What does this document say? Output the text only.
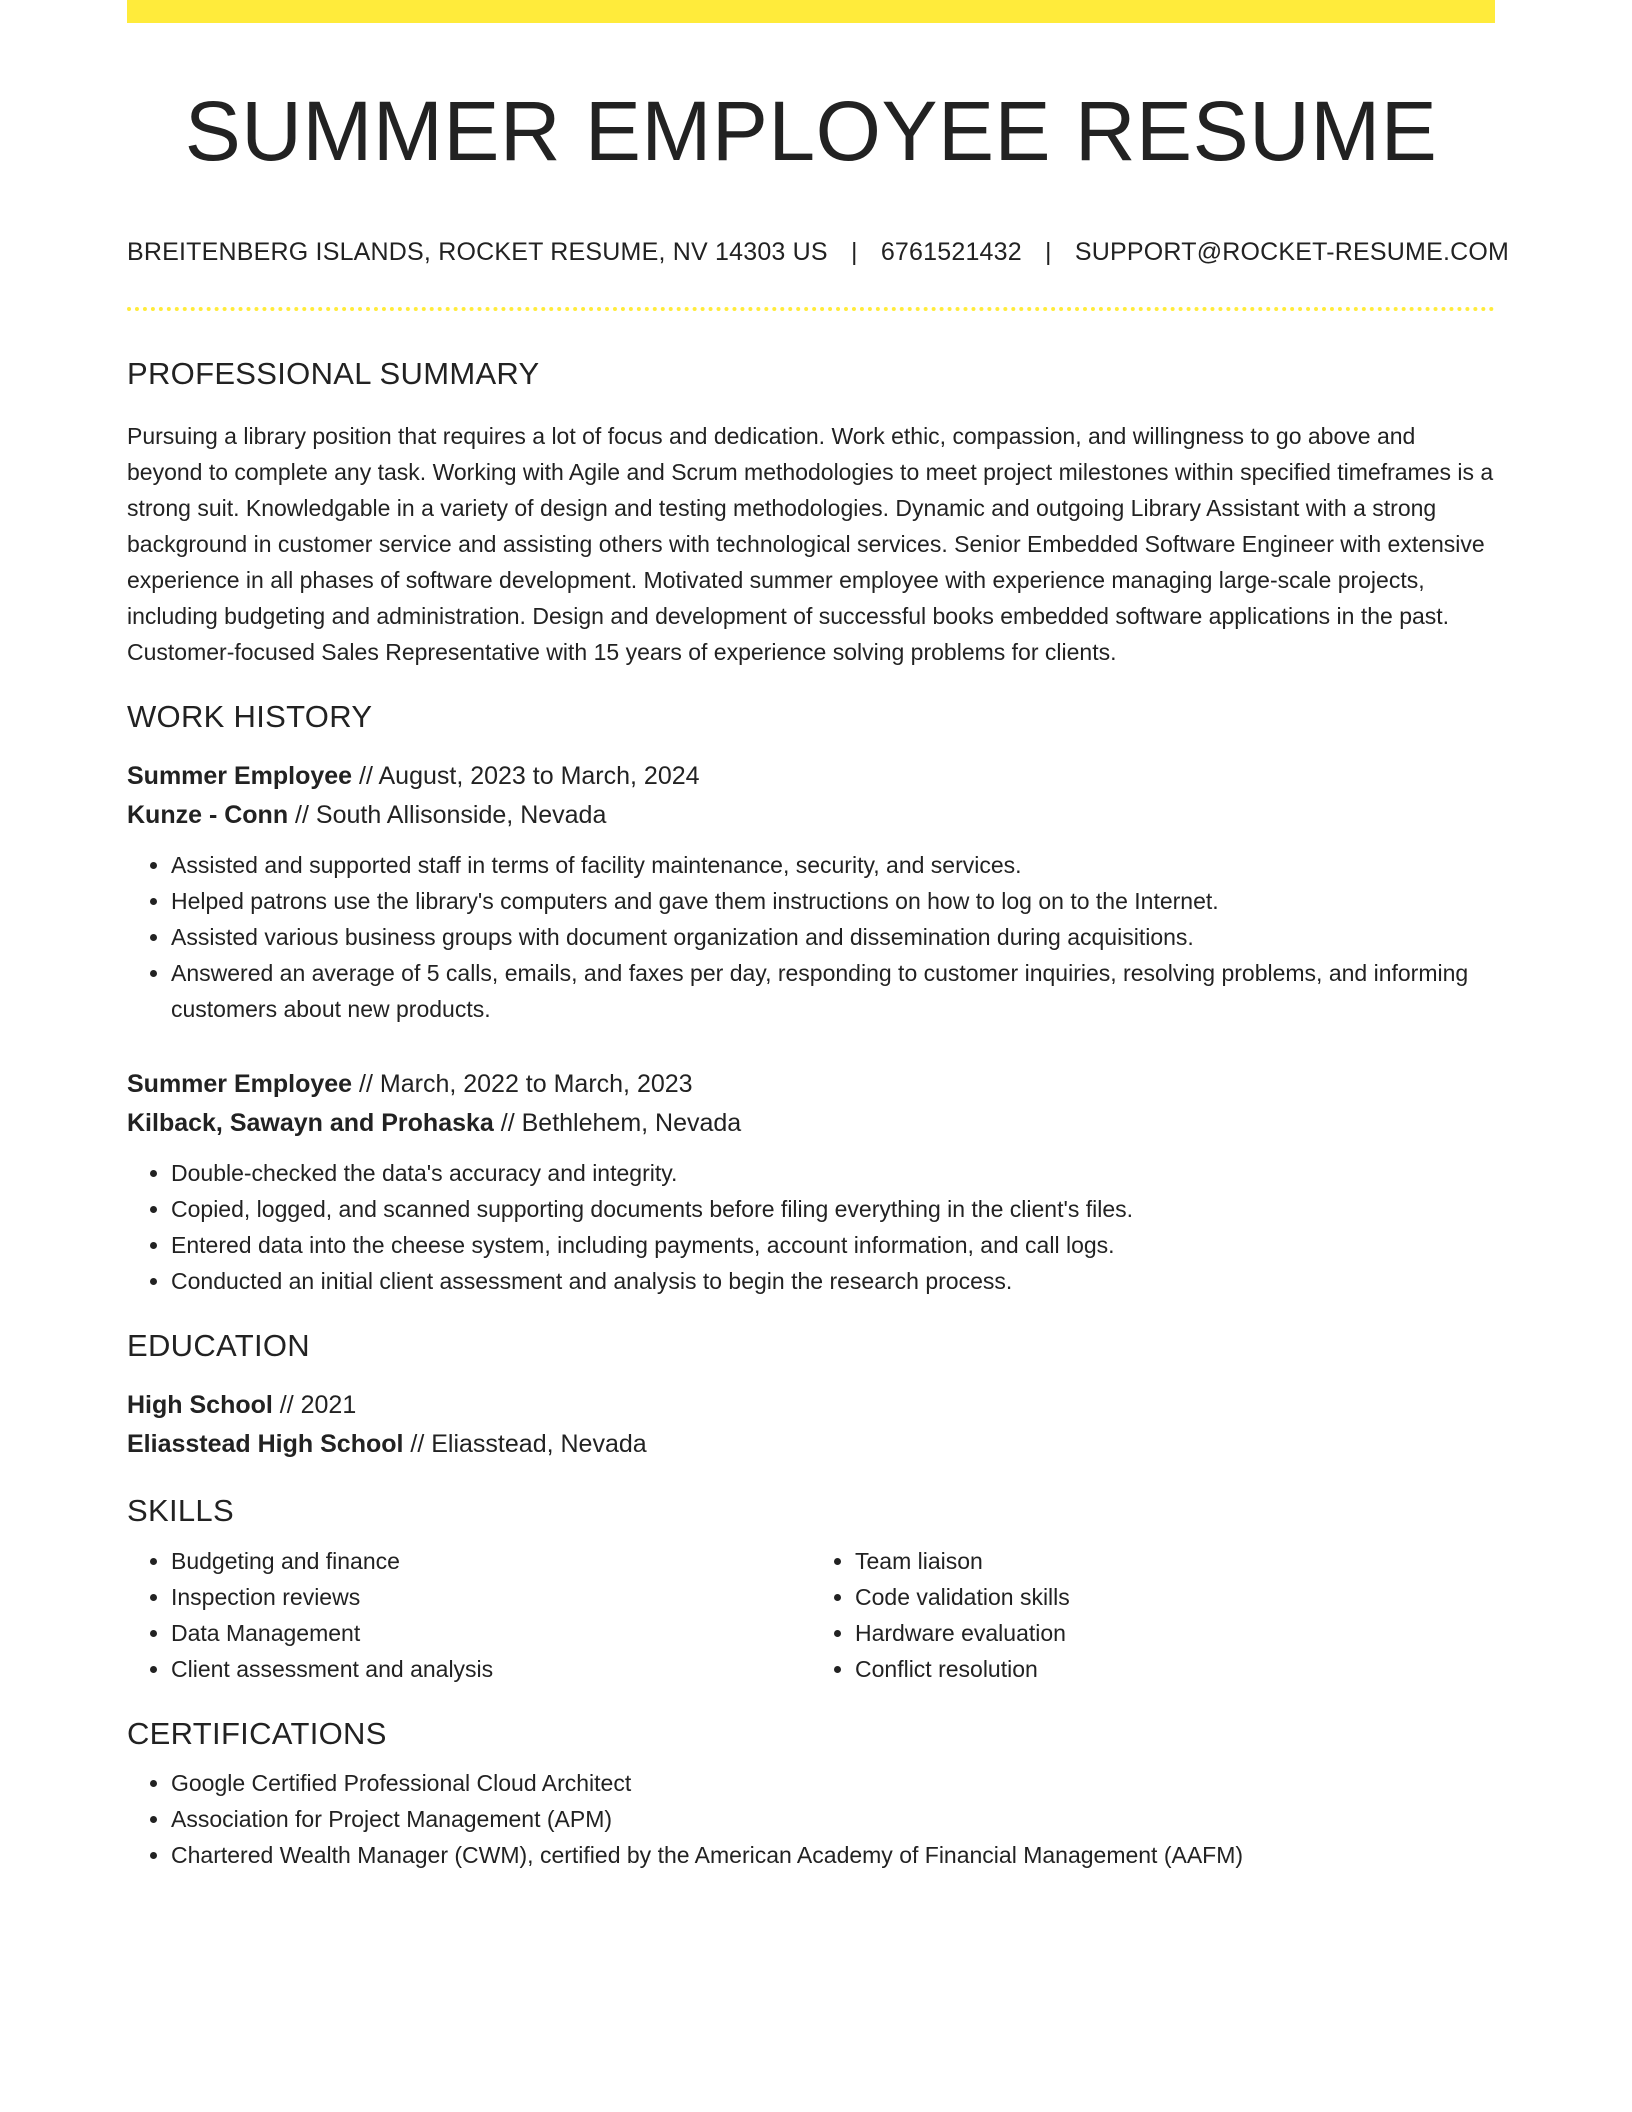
SUMMER EMPLOYEE RESUME
BREITENBERG ISLANDS, ROCKET RESUME, NV 14303 US | 6761521432 | SUPPORT@ROCKET-RESUME.COM
PROFESSIONAL SUMMARY

Pursuing a library position that requires a lot of focus and dedication. Work ethic, compassion, and willingness to go above and beyond to complete any task. Working with Agile and Scrum methodologies to meet project milestones within specified timeframes is a strong suit. Knowledgable in a variety of design and testing methodologies. Dynamic and outgoing Library Assistant with a strong background in customer service and assisting others with technological services. Senior Embedded Software Engineer with extensive experience in all phases of software development. Motivated summer employee with experience managing large-scale projects, including budgeting and administration. Design and development of successful books embedded software applications in the past. Customer-focused Sales Representative with 15 years of experience solving problems for clients.

WORK HISTORY
Summer Employee // August, 2023 to March, 2024
Kunze - Conn // South Allisonside, Nevada
• Assisted and supported staff in terms of facility maintenance, security, and services.
• Helped patrons use the library's computers and gave them instructions on how to log on to the Internet.
• Assisted various business groups with document organization and dissemination during acquisitions.
• Answered an average of 5 calls, emails, and faxes per day, responding to customer inquiries, resolving problems, and informing customers about new products.
Summer Employee // March, 2022 to March, 2023
Kilback, Sawayn and Prohaska // Bethlehem, Nevada
• Double-checked the data's accuracy and integrity.
• Copied, logged, and scanned supporting documents before filing everything in the client's files.
• Entered data into the cheese system, including payments, account information, and call logs.
• Conducted an initial client assessment and analysis to begin the research process.
EDUCATION
High School // 2021
Eliasstead High School // Eliasstead, Nevada
SKILLS
• Budgeting and finance
• Inspection reviews
• Data Management
• Client assessment and analysis
• Team liaison
• Code validation skills
• Hardware evaluation
• Conflict resolution
CERTIFICATIONS
• Google Certified Professional Cloud Architect
• Association for Project Management (APM)
• Chartered Wealth Manager (CWM), certified by the American Academy of Financial Management (AAFM)
